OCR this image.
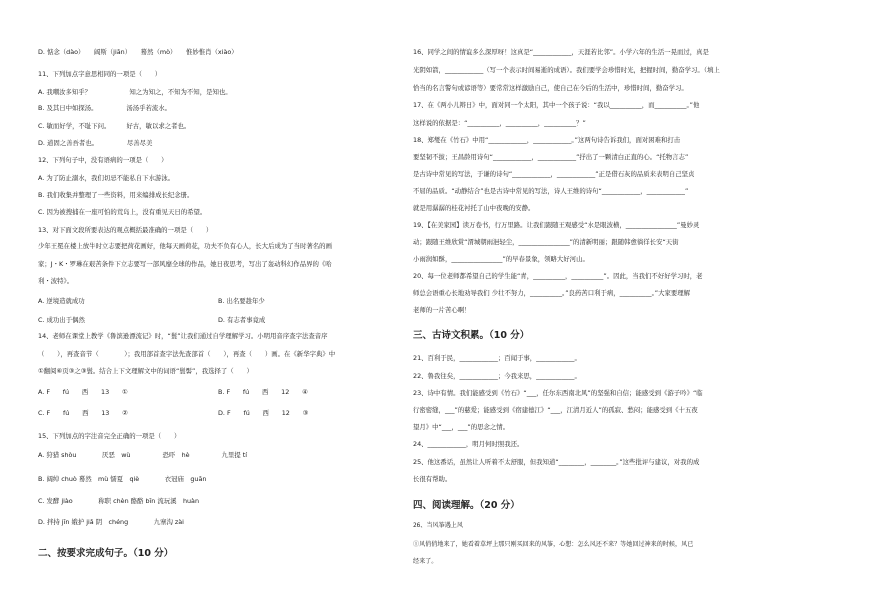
D. 惦念（dào）　　阔斯（jiān）　　蓦然（mò）　　惟妙惟肖（xiào）
11、下列加点字意思相同的一项是（　　）
A. 我嘲汝多知乎？　　　　　　知之为知之，不知为不知，是知也。
B. 及其日中如探汤。　　　　　汤汤乎若流水。
C. 敏而好学，不耻下问。　　　好古，敏以求之者也。
D. 道固之善吾者也。　　　　　尽善尽美
12、下列句子中，没有语病的一项是（　　）
A. 为了防止溺水，我们切忌不能私自下水游泳。
B. 我们收集并整理了一些资料，用来编排成长纪念册。
C. 因为被搜捕在一座可怕的荒岛上，没有重见天日的希望。
13、对下面文段所要表达的观点概括最准确的一项是（　　）
少年王冕在楼上放牛时立志要把荷花画好，他每天画荷花，功夫不负有心人，长大后成为了当时著名的画
家；J・K・罗琳在艰苦条件下立志要写一部风靡全球的作品，她日夜思考，写出了轰动科幻作品界的《哈
利・波特》。
14、老师在课堂上教学《鲁滨逊漂流记》时，“鬟”让我们通过自学理解学习。小明用音序查字法查音序
（　　），再查音节（　　　　）；我用部首查字法先查部首（　　），再查（　　）画。在《新华字典》中
①翻阅⑥页③之③鬟。结合上下文理解文中的词语“鬟髻”，我选择了（　　）
15、下列加点的字注音完全正确的一项是（　　）
A. 逆境造就成功	B. 出名要趁年少
C. 成功出于偶然	D. 有志者事竟成
A. F　　fú　　西　　13　　①	B. F　　fú　　西　　12　　④
C. F　　fú　　西　　13　　②	D. F　　fú　　西　　12　　③
A. 狩猎 shòu　　　　厌恶　wù　　　　　恐吓　hè　　　　　九里提 tí
B. 阔绰 chuò 蓦然　mù 懦夏　qiè　　　　衣冠庙　guān
C. 发酵 jiào　　　　称职 chèn 酪酪 bīn 流玩溪　huàn
D. 拌持 jīn 娥护 jiǎ 阴　chéng　　　　九寨沟 zài
二、按要求完成句子。（10 分）
16、同学之间的情谊多么深厚呀！这真是“____________，天涯若比邻”。小学六年的生活一晃而过，真是
光阴如箭，____________（写一个表示时间易逝的成语）。我们要学会珍惜时光，把握时间，勤奋学习。（填上
恰当的名言警句或谚语等）要常常这样激励自己，使自己在今后的生活中，珍惜时间，勤奋学习。
17、在《两小儿辩日》中，面对同一个太阳，其中一个孩子说：“我以__________，而__________。”他
这样说的依据是：“__________，__________，__________？”
18、郑燮在《竹石》中用“____________，____________。”这两句诗告诉我们，面对困难和打击
要坚韧不拔；王昌龄用诗句“____________，____________”抒出了一颗清白正直的心。“托物言志”
是古诗中常见的写法，于谦的诗句“____________，____________”正是借石灰的品质来表明自己坚贞
不屈的品质。“动静结合”也是古诗中常见的写法，诗人王维的诗句“____________，____________”
就是用潺潺的桂花衬托了山中夜晚的安静。
19、【在美家园】读万卷书，行万里路。让我们跟随王观感受“水是眼波横，________________”曼妙灵
动；跟随王维欣赏“渭城朝雨浥轻尘，________________”的清新明丽；跟随韩愈徜徉长安“天街
小雨润如酥，________________”的早春景象，领略大好河山。
20、每一位老师都希望自己的学生能“青，__________，__________”。因此，当我们不好好学习时，老
师总会语重心长地劝导我们 少壮不努力，__________。”良药苦口利于病，__________。”大家要理解
老师的一片苦心啊！
21、百利于民，____________；百闻于事，____________。
22、鲁我往矣，____________；今我来思，____________。
23、诗中有情。我们能感受到《竹石》“___，任尔东西南北风”的坚强和自信；能感受到《游子吟》“临
行密密缝，___”的慈爱；能感受到《宿建德江》“___，江清月近人”的孤寂、愁闷；能感受到《十五夜
望月》中“___，___”的思念之情。
24、____________，明月何时照我还。
25、他这番话，虽然让人听着不太舒服，但我知道“________，________。”这些批评与建议，对我的成
长很有帮助。
26、当风筝遇上风
①风俏俏地来了，她看着草坪上那只刚买回来的风筝，心想：怎么风还不来？等她回过神来的时候，风已
经来了。
三、古诗文积累。（10 分）
四、阅读理解。（20 分）
